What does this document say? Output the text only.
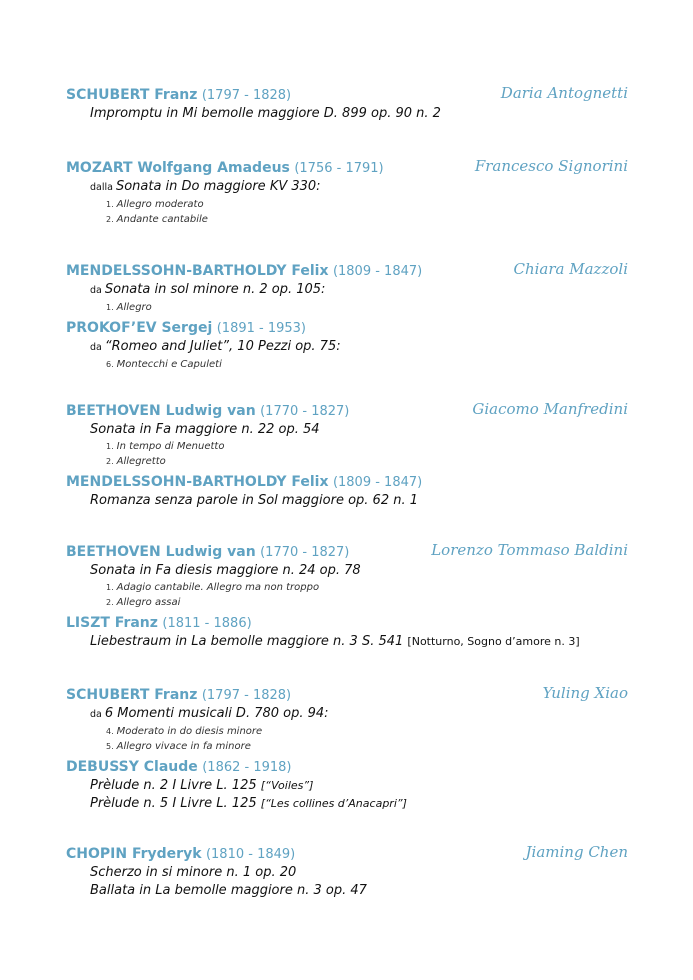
SCHUBERT Franz (1797 - 1828)	Daria Antognetti
Impromptu in Mi bemolle maggiore D. 899 op. 90 n. 2
MOZART Wolfgang Amadeus (1756 - 1791)	Francesco Signorini
dalla Sonata in Do maggiore KV 330:
1. Allegro moderato
2. Andante cantabile
MENDELSSOHN-BARTHOLDY Felix (1809 - 1847)	Chiara Mazzoli
da Sonata in sol minore n. 2 op. 105:
1. Allegro
PROKOF’EV Sergej (1891 - 1953)
da “Romeo and Juliet”, 10 Pezzi op. 75:
6. Montecchi e Capuleti
BEETHOVEN Ludwig van (1770 - 1827)	Giacomo Manfredini
Sonata in Fa maggiore n. 22 op. 54
1. In tempo di Menuetto
2. Allegretto
MENDELSSOHN-BARTHOLDY Felix (1809 - 1847)
Romanza senza parole in Sol maggiore op. 62 n. 1
BEETHOVEN Ludwig van (1770 - 1827)	Lorenzo Tommaso Baldini
Sonata in Fa diesis maggiore n. 24 op. 78
1. Adagio cantabile. Allegro ma non troppo
2. Allegro assai
LISZT Franz (1811 - 1886)
Liebestraum in La bemolle maggiore n. 3 S. 541 [Notturno, Sogno d’amore n. 3]
SCHUBERT Franz (1797 - 1828)	Yuling Xiao
da 6 Momenti musicali D. 780 op. 94:
4. Moderato in do diesis minore
5. Allegro vivace in fa minore
DEBUSSY Claude (1862 - 1918)
Prèlude n. 2 I Livre L. 125 [“Voiles”]
Prèlude n. 5 I Livre L. 125 [“Les collines d’Anacapri”]
CHOPIN Fryderyk (1810 - 1849)	Jiaming Chen
Scherzo in si minore n. 1 op. 20
Ballata in La bemolle maggiore n. 3 op. 47
